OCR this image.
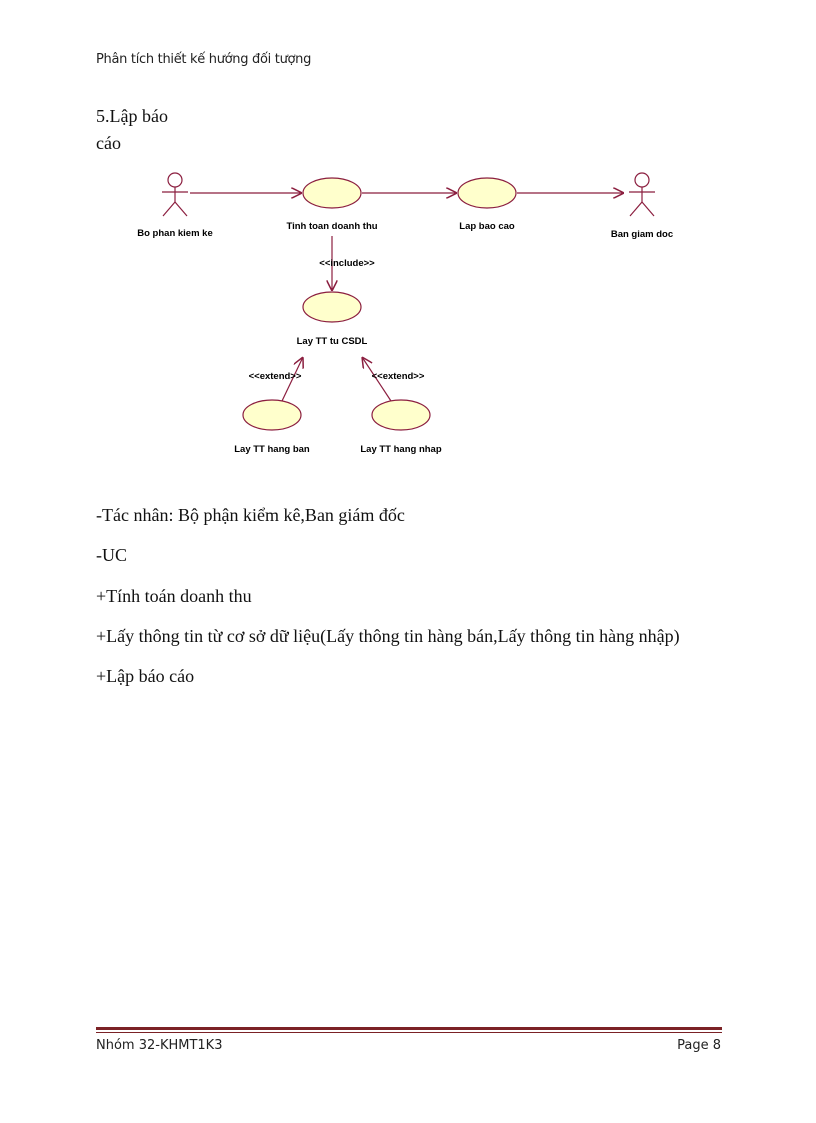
Phân tích thiết kế hướng đối tượng
5.Lập báo cáo
Bo phan kiem ke	Ban giam doc
Tinh toan doanh thu	Lap bao cao
Lay TT tu CSDL
Lay TT hang ban	Lay TT hang nhap
<<include>>
<<extend>>	<<extend>>
-Tác nhân: Bộ phận kiểm kê,Ban giám đốc
-UC
+Tính toán doanh thu
+Lấy thông tin từ cơ sở dữ liệu(Lấy thông tin hàng bán,Lấy thông tin hàng nhập)
+Lập báo cáo
Nhóm 32-KHMT1K3	Page 8
